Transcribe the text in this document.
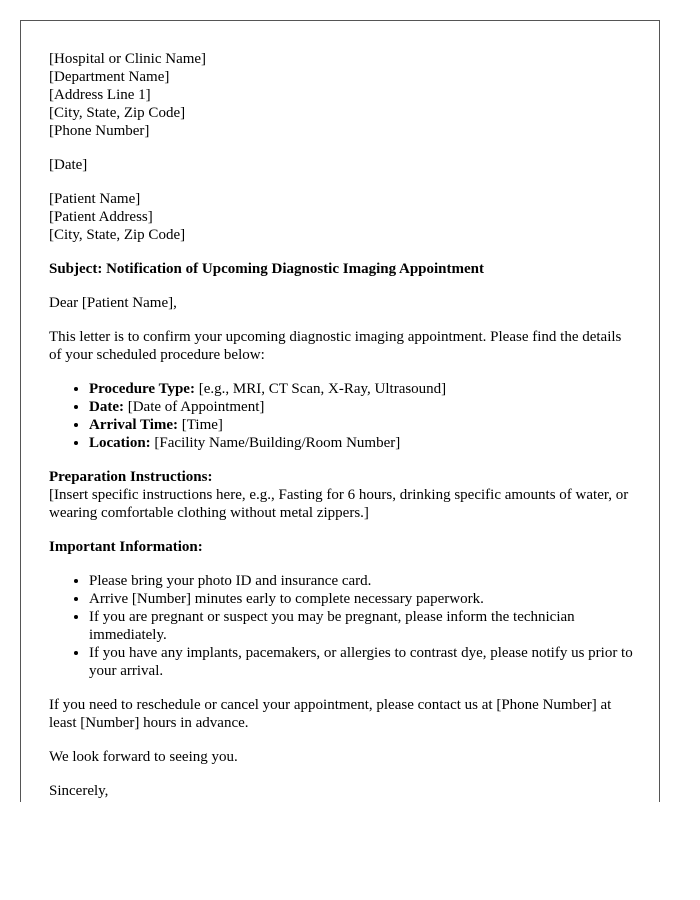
[Hospital or Clinic Name]
[Department Name]
[Address Line 1]
[City, State, Zip Code]
[Phone Number]
[Date]
[Patient Name]
[Patient Address]
[City, State, Zip Code]
Subject: Notification of Upcoming Diagnostic Imaging Appointment

Dear [Patient Name],

This letter is to confirm your upcoming diagnostic imaging appointment. Please find the details of your scheduled procedure below:

• Procedure Type: [e.g., MRI, CT Scan, X-Ray, Ultrasound]
• Date: [Date of Appointment]
• Arrival Time: [Time]
• Location: [Facility Name/Building/Room Number]
Preparation Instructions:
[Insert specific instructions here, e.g., Fasting for 6 hours, drinking specific amounts of water, or wearing comfortable clothing without metal zippers.]

Important Information:

• Please bring your photo ID and insurance card.
• Arrive [Number] minutes early to complete necessary paperwork.
• If you are pregnant or suspect you may be pregnant, please inform the technician immediately.
• If you have any implants, pacemakers, or allergies to contrast dye, please notify us prior to your arrival.

If you need to reschedule or cancel your appointment, please contact us at [Phone Number] at least [Number] hours in advance.

We look forward to seeing you.

Sincerely,
